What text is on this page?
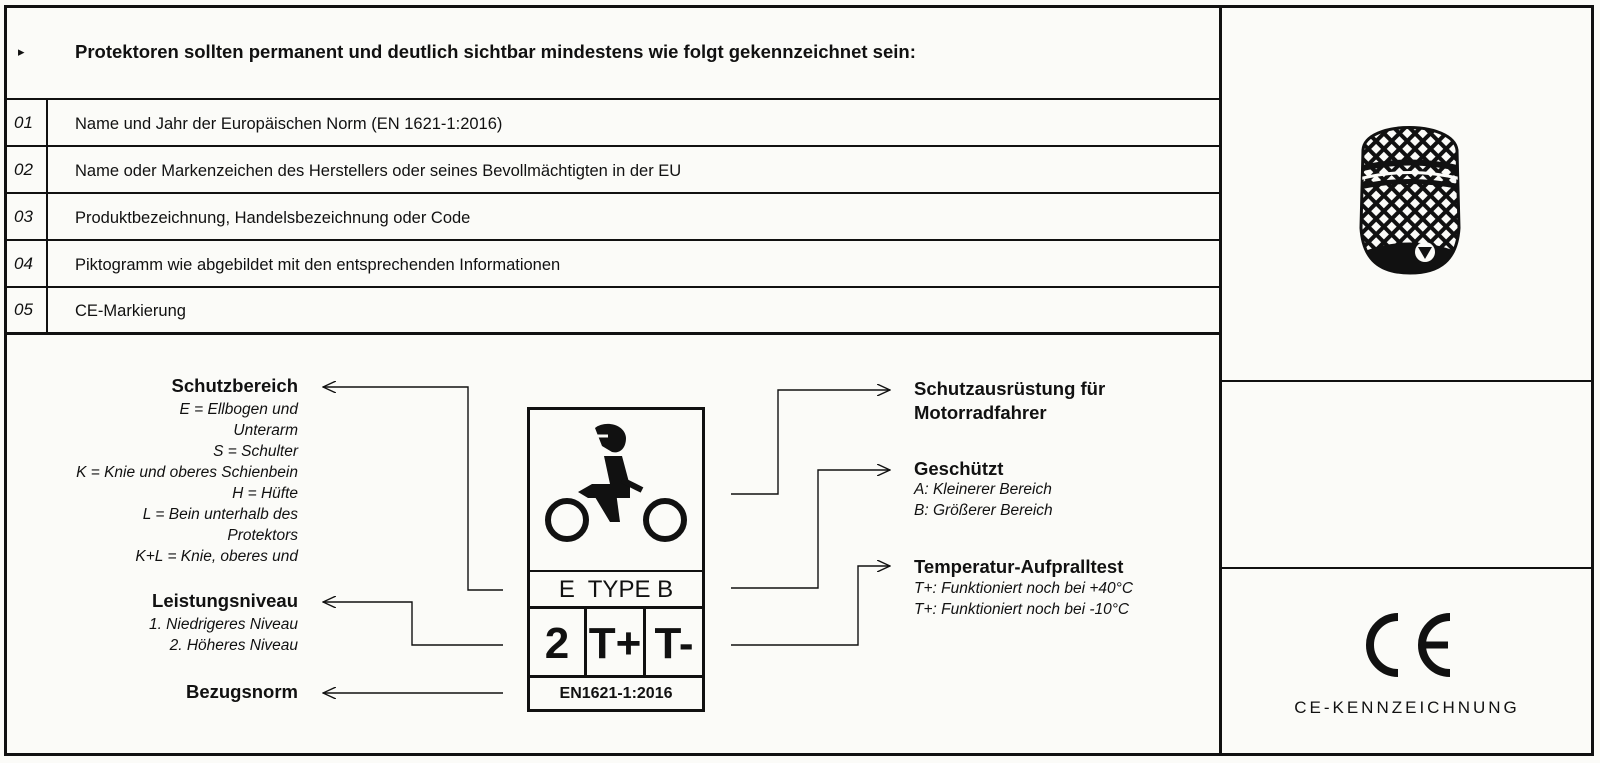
▸	Protektoren sollten permanent und deutlich sichtbar mindestens wie folgt gekennzeichnet sein:
01	Name und Jahr der Europäischen Norm (EN 1621-1:2016)
02	Name oder Markenzeichen des Herstellers oder seines Bevollmächtigten in der EU
03	Produktbezeichnung, Handelsbezeichnung oder Code
04	Piktogramm wie abgebildet mit den entsprechenden Informationen
05	CE-Markierung
Schutzbereich
E = Ellbogen und
Unterarm
S = Schulter
K = Knie und oberes Schienbein
H = Hüfte
L = Bein unterhalb des
Protektors
K+L = Knie, oberes und
Leistungsniveau
1. Niedrigeres Niveau
2. Höheres Niveau
Bezugsnorm
Schutzausrüstung für
Motorradfahrer
Geschützt
A: Kleinerer Bereich
B: Größerer Bereich
Temperatur-Aufpralltest
T+: Funktioniert noch bei +40°C
T+: Funktioniert noch bei -10°C
E  TYPE B
2 T+ T-
EN1621-1:2016
CE-KENNZEICHNUNG
